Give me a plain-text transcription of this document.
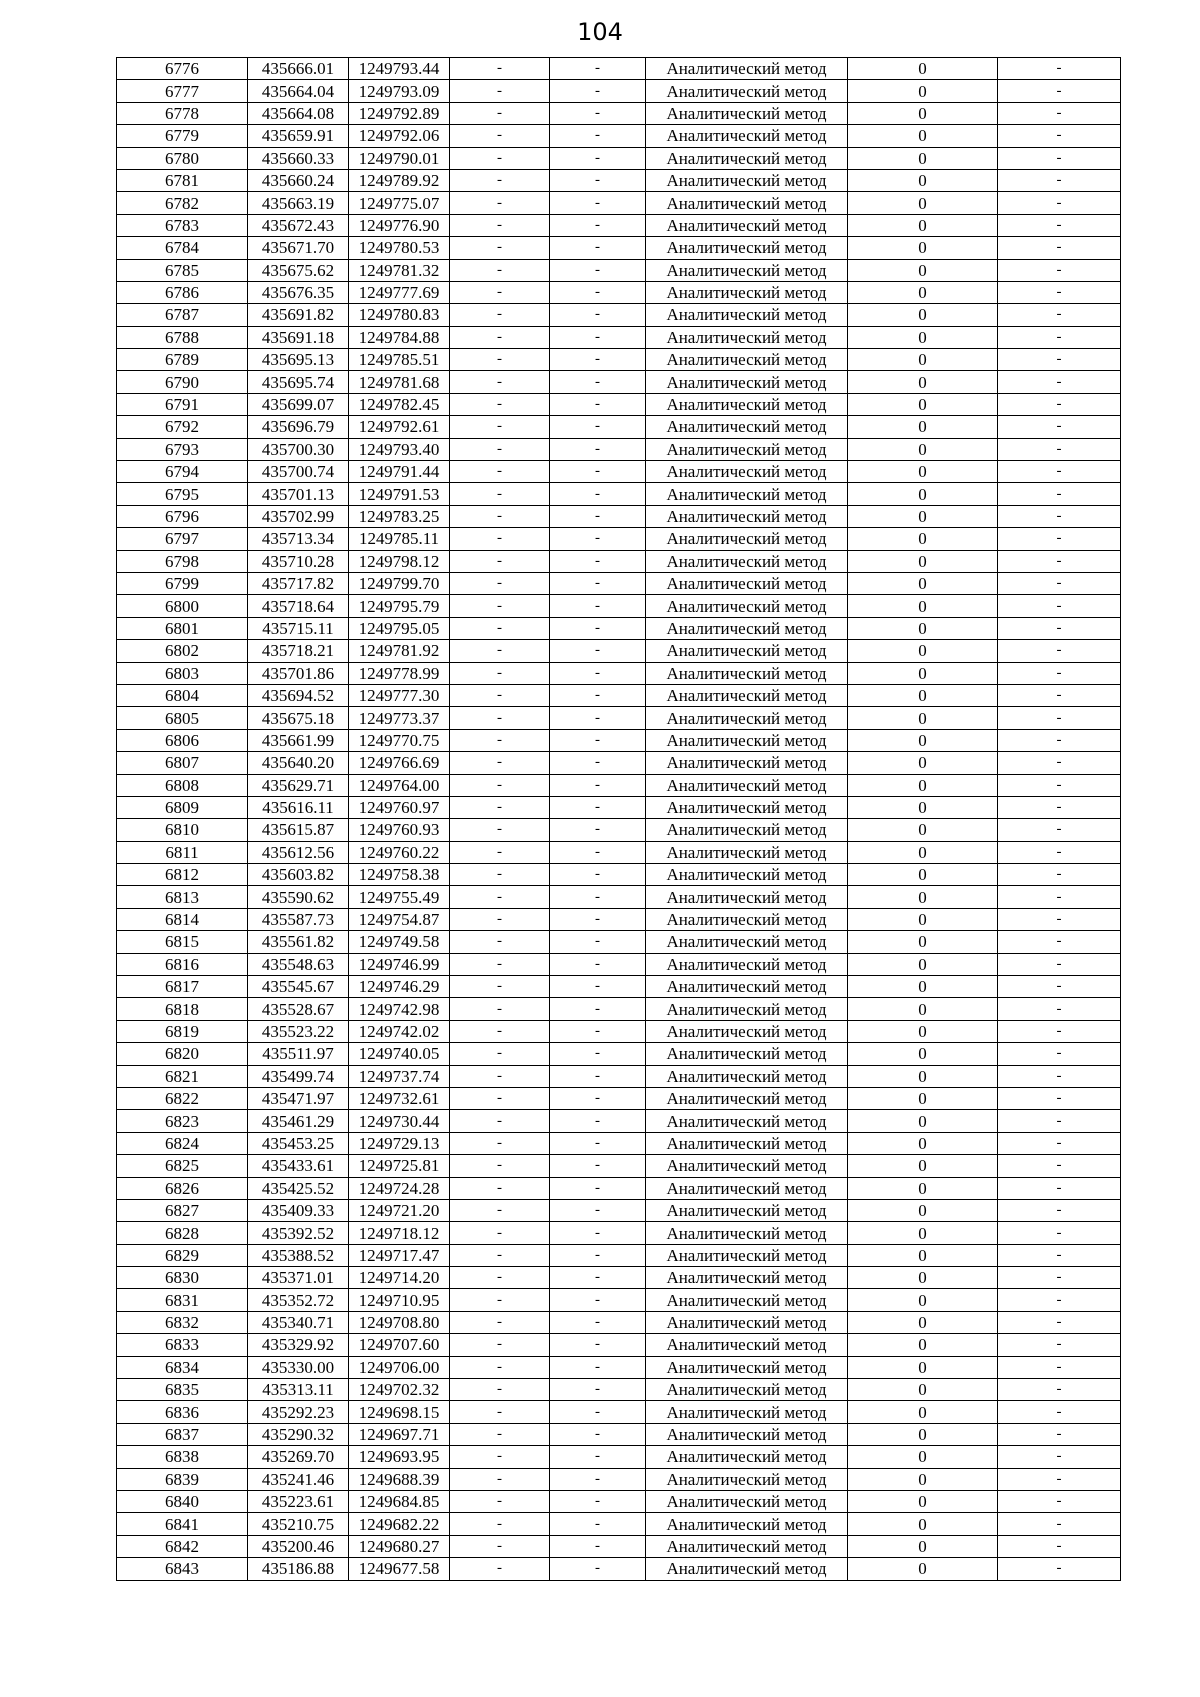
104
6776	435666.01	1249793.44	-	-	Аналитический метод	0	-
6777	435664.04	1249793.09	-	-	Аналитический метод	0	-
6778	435664.08	1249792.89	-	-	Аналитический метод	0	-
6779	435659.91	1249792.06	-	-	Аналитический метод	0	-
6780	435660.33	1249790.01	-	-	Аналитический метод	0	-
6781	435660.24	1249789.92	-	-	Аналитический метод	0	-
6782	435663.19	1249775.07	-	-	Аналитический метод	0	-
6783	435672.43	1249776.90	-	-	Аналитический метод	0	-
6784	435671.70	1249780.53	-	-	Аналитический метод	0	-
6785	435675.62	1249781.32	-	-	Аналитический метод	0	-
6786	435676.35	1249777.69	-	-	Аналитический метод	0	-
6787	435691.82	1249780.83	-	-	Аналитический метод	0	-
6788	435691.18	1249784.88	-	-	Аналитический метод	0	-
6789	435695.13	1249785.51	-	-	Аналитический метод	0	-
6790	435695.74	1249781.68	-	-	Аналитический метод	0	-
6791	435699.07	1249782.45	-	-	Аналитический метод	0	-
6792	435696.79	1249792.61	-	-	Аналитический метод	0	-
6793	435700.30	1249793.40	-	-	Аналитический метод	0	-
6794	435700.74	1249791.44	-	-	Аналитический метод	0	-
6795	435701.13	1249791.53	-	-	Аналитический метод	0	-
6796	435702.99	1249783.25	-	-	Аналитический метод	0	-
6797	435713.34	1249785.11	-	-	Аналитический метод	0	-
6798	435710.28	1249798.12	-	-	Аналитический метод	0	-
6799	435717.82	1249799.70	-	-	Аналитический метод	0	-
6800	435718.64	1249795.79	-	-	Аналитический метод	0	-
6801	435715.11	1249795.05	-	-	Аналитический метод	0	-
6802	435718.21	1249781.92	-	-	Аналитический метод	0	-
6803	435701.86	1249778.99	-	-	Аналитический метод	0	-
6804	435694.52	1249777.30	-	-	Аналитический метод	0	-
6805	435675.18	1249773.37	-	-	Аналитический метод	0	-
6806	435661.99	1249770.75	-	-	Аналитический метод	0	-
6807	435640.20	1249766.69	-	-	Аналитический метод	0	-
6808	435629.71	1249764.00	-	-	Аналитический метод	0	-
6809	435616.11	1249760.97	-	-	Аналитический метод	0	-
6810	435615.87	1249760.93	-	-	Аналитический метод	0	-
6811	435612.56	1249760.22	-	-	Аналитический метод	0	-
6812	435603.82	1249758.38	-	-	Аналитический метод	0	-
6813	435590.62	1249755.49	-	-	Аналитический метод	0	-
6814	435587.73	1249754.87	-	-	Аналитический метод	0	-
6815	435561.82	1249749.58	-	-	Аналитический метод	0	-
6816	435548.63	1249746.99	-	-	Аналитический метод	0	-
6817	435545.67	1249746.29	-	-	Аналитический метод	0	-
6818	435528.67	1249742.98	-	-	Аналитический метод	0	-
6819	435523.22	1249742.02	-	-	Аналитический метод	0	-
6820	435511.97	1249740.05	-	-	Аналитический метод	0	-
6821	435499.74	1249737.74	-	-	Аналитический метод	0	-
6822	435471.97	1249732.61	-	-	Аналитический метод	0	-
6823	435461.29	1249730.44	-	-	Аналитический метод	0	-
6824	435453.25	1249729.13	-	-	Аналитический метод	0	-
6825	435433.61	1249725.81	-	-	Аналитический метод	0	-
6826	435425.52	1249724.28	-	-	Аналитический метод	0	-
6827	435409.33	1249721.20	-	-	Аналитический метод	0	-
6828	435392.52	1249718.12	-	-	Аналитический метод	0	-
6829	435388.52	1249717.47	-	-	Аналитический метод	0	-
6830	435371.01	1249714.20	-	-	Аналитический метод	0	-
6831	435352.72	1249710.95	-	-	Аналитический метод	0	-
6832	435340.71	1249708.80	-	-	Аналитический метод	0	-
6833	435329.92	1249707.60	-	-	Аналитический метод	0	-
6834	435330.00	1249706.00	-	-	Аналитический метод	0	-
6835	435313.11	1249702.32	-	-	Аналитический метод	0	-
6836	435292.23	1249698.15	-	-	Аналитический метод	0	-
6837	435290.32	1249697.71	-	-	Аналитический метод	0	-
6838	435269.70	1249693.95	-	-	Аналитический метод	0	-
6839	435241.46	1249688.39	-	-	Аналитический метод	0	-
6840	435223.61	1249684.85	-	-	Аналитический метод	0	-
6841	435210.75	1249682.22	-	-	Аналитический метод	0	-
6842	435200.46	1249680.27	-	-	Аналитический метод	0	-
6843	435186.88	1249677.58	-	-	Аналитический метод	0	-
